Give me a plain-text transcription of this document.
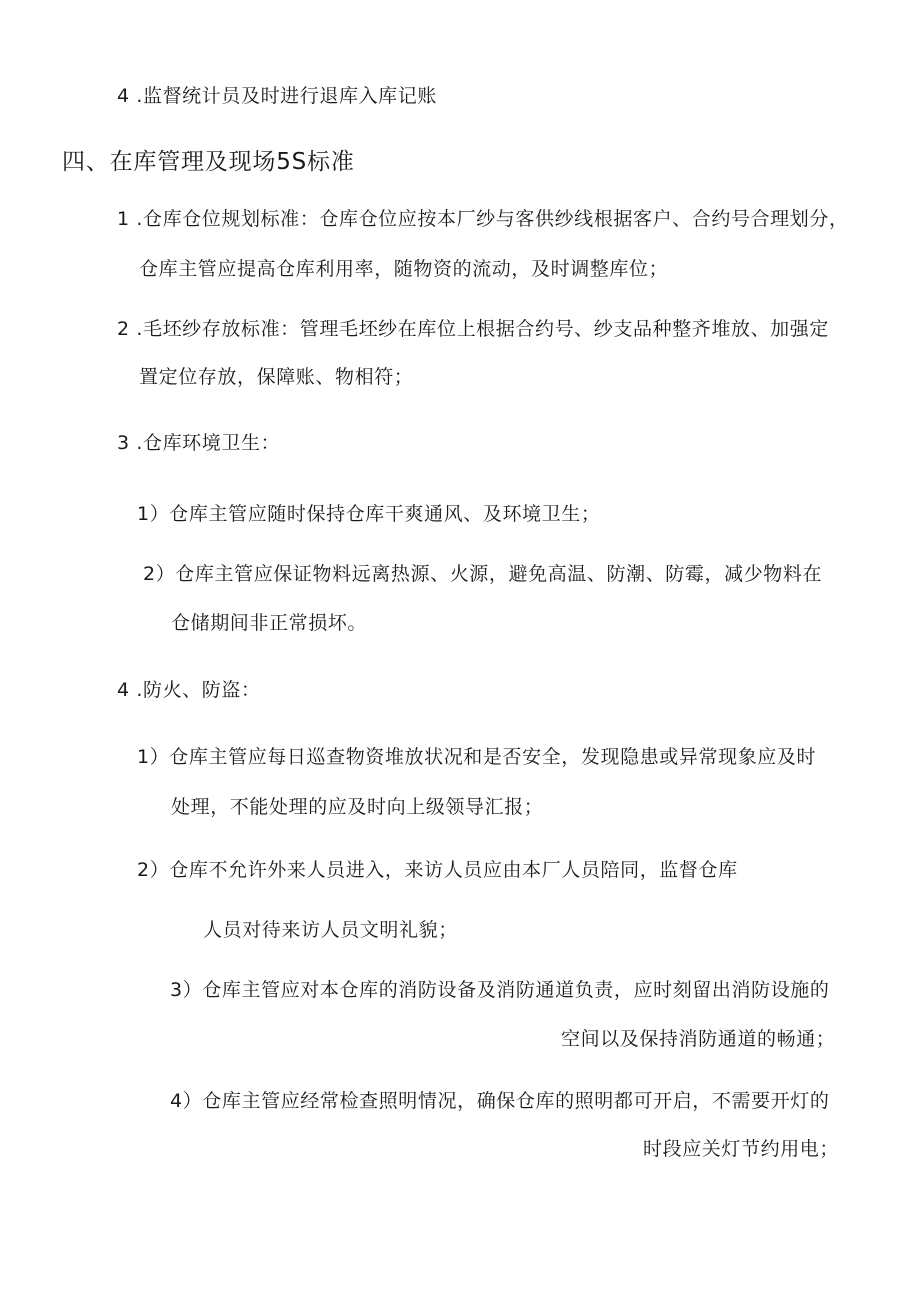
4 .监督统计员及时进行退库入库记账
四、在库管理及现场5S标准
1 .仓库仓位规划标准：仓库仓位应按本厂纱与客供纱线根据客户、合约号合理划分，
仓库主管应提高仓库利用率，随物资的流动，及时调整库位；
2 .毛坯纱存放标准：管理毛坯纱在库位上根据合约号、纱支品种整齐堆放、加强定
置定位存放，保障账、物相符；
3 .仓库环境卫生：
1）仓库主管应随时保持仓库干爽通风、及环境卫生；
2）仓库主管应保证物料远离热源、火源，避免高温、防潮、防霉，减少物料在
仓储期间非正常损坏。
4 .防火、防盗：
1）仓库主管应每日巡查物资堆放状况和是否安全，发现隐患或异常现象应及时
处理，不能处理的应及时向上级领导汇报；
2）仓库不允许外来人员进入，来访人员应由本厂人员陪同，监督仓库
人员对待来访人员文明礼貌；
3）仓库主管应对本仓库的消防设备及消防通道负责，应时刻留出消防设施的
空间以及保持消防通道的畅通；
4）仓库主管应经常检查照明情况，确保仓库的照明都可开启，不需要开灯的
时段应关灯节约用电；
